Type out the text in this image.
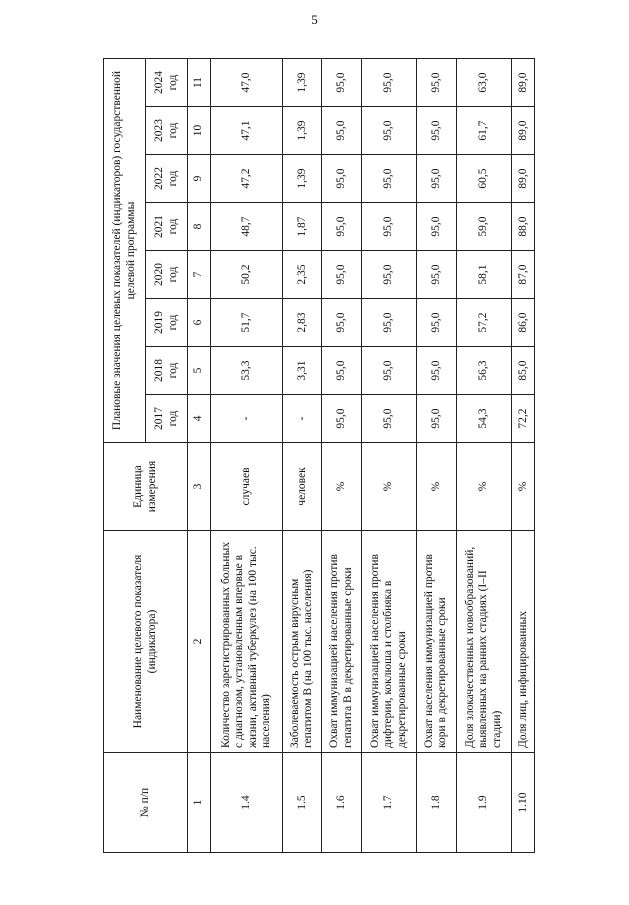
5
№ п/п	Наименование целевого показателя (индикатора)	Единица измерения	Плановые значения целевых показателей (индикаторов) государственной целевой программы							
			2017 год	2018 год	2019 год	2020 год	2021 год	2022 год	2023 год	2024 год
1	2	3	4	5	6	7	8	9	10	11
1.4	Количество зарегистрированных больных с диагнозом, установленным впервые в жизни, активный туберкулез (на 100 тыс. населения)	случаев	-	53,3	51,7	50,2	48,7	47,2	47,1	47,0
1.5	Заболеваемость острым вирусным гепатитом В (на 100 тыс. населения)	человек	-	3,31	2,83	2,35	1,87	1,39	1,39	1,39
1.6	Охват иммунизацией населения против гепатита В в декретированные сроки	%	95,0	95,0	95,0	95,0	95,0	95,0	95,0	95,0
1.7	Охват иммунизацией населения против дифтерии, коклюша и столбняка в декретированные сроки	%	95,0	95,0	95,0	95,0	95,0	95,0	95,0	95,0
1.8	Охват населения иммунизацией против кори в декретированные сроки	%	95,0	95,0	95,0	95,0	95,0	95,0	95,0	95,0
1.9	Доля злокачественных новообразований, выявленных на ранних стадиях (I–II стадии)	%	54,3	56,3	57,2	58,1	59,0	60,5	61,7	63,0
1.10	Доля лиц, инфицированных	%	72,2	85,0	86,0	87,0	88,0	89,0	89,0	89,0
